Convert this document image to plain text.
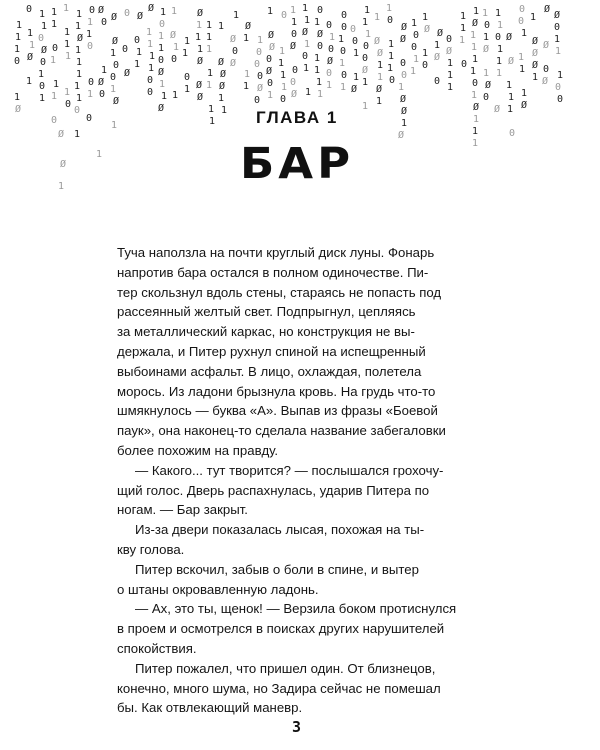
1
1
1
0
1
Ø
0
1
1
Ø
1
1
1
0
Ø
0
1
0
1
1
1
0
1
1
1
0
1
1
1
1
1
0
1
1
Ø
1
1
1
1
1
0
1
0
1
1
0
0
1
0
Ø
0
1
Ø
0
Ø
Ø
1
0
0
1
Ø
1
0
0
Ø
Ø
0
1
1
Ø
1
1
1
1
0
0
1
0
1
1
0
Ø
1
1
Ø
1
Ø
1
0
1
1
1
0
1
Ø
1
1
1
Ø
Ø
Ø
1
1
1
1
1
1
1
1
Ø
Ø
Ø
1
1
1
Ø
0
Ø
Ø
1
1
1
1
0
0
0
Ø
0
1
Ø
Ø
0
Ø
0
1
0
1
1
1
1
0
1
1
0
Ø
0
0
Ø
1
1
Ø
1
0
1
1
0
1
Ø
0
1
1
1
1
0
1
0
Ø
0
1
0
0
1
0
1
0
1
0
0
1
1
Ø
1
1
1
0
0
Ø
1
1
1
Ø
Ø
1
1
Ø
1
1
0
1
1
1
0
Ø
Ø
0
0
1
Ø
Ø
1
Ø
1
0
0
1
1
1
Ø
1
0
Ø
1
Ø
0
0
Ø
1
1
1
1
1
1
0
1
Ø
1
1
1
1
0
1
Ø
1
1
1
1
0
1
Ø
1
Ø
0
1
1
0
1
1
1
Ø
Ø
Ø
1
1
1
0
0
0
1
1
1
1
Ø
1
Ø
Ø
Ø
1
Ø
Ø
0
Ø
Ø
0
1
1
1
0
0
Ø
1
Ø
1
ГЛАВА 1
БАР

Туча наползла на почти круглый диск луны. Фонарь
напротив бара остался в полном одиночестве. Пи-
тер скользнул вдоль стены, стараясь не попасть под
рассеянный желтый свет. Подпрыгнул, цепляясь
за металлический каркас, но конструкция не вы-
держала, и Питер рухнул спиной на испещренный
выбоинами асфальт. В лицо, охлаждая, полетела
морось. Из ладони брызнула кровь. На грудь что-то
шмякнулось — буква «А». Выпав из фразы «Боевой
паук», она наконец-то сделала название забегаловки
более похожим на правду.

— Какого... тут творится? — послышался грохочу-
щий голос. Дверь распахнулась, ударив Питера по
ногам. — Бар закрыт.

Из-за двери показалась лысая, похожая на ты-
кву голова.

Питер вскочил, забыв о боли в спине, и вытер
о штаны окровавленную ладонь.

— Ах, это ты, щенок! — Верзила боком протиснулся
в проем и осмотрелся в поисках других нарушителей
спокойствия.

Питер пожалел, что пришел один. От близнецов,
конечно, много шума, но Задира сейчас не помешал
бы. Как отвлекающий маневр.

3
